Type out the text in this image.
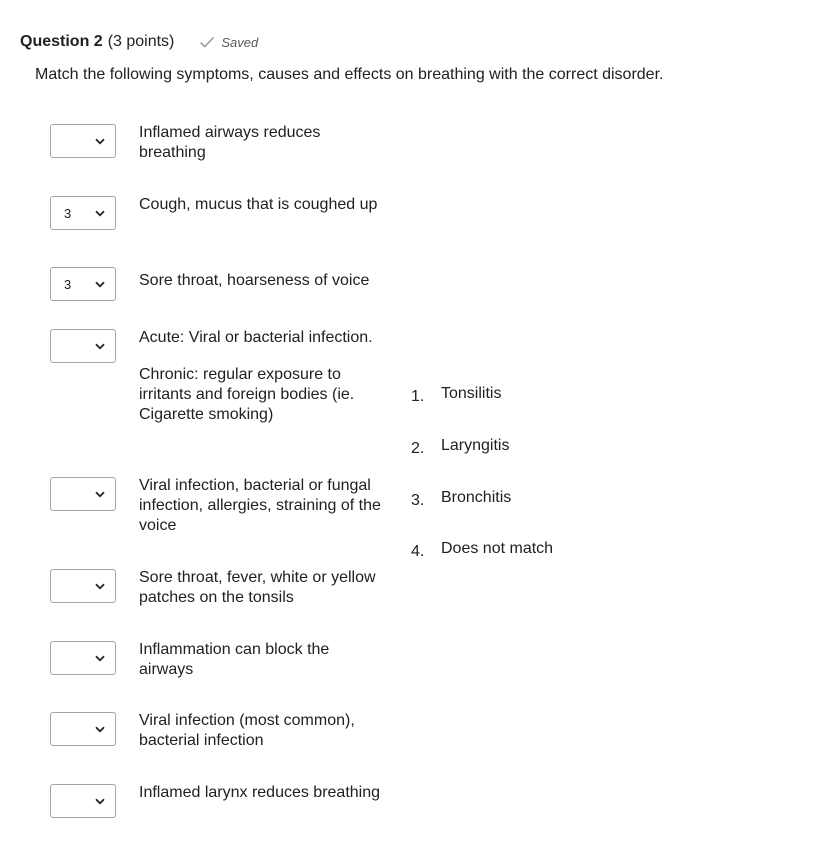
Question 2 (3 points)	Saved
Match the following symptoms, causes and effects on breathing with the correct disorder.
Inflamed airways reduces breathing
3	Cough, mucus that is coughed up
3	Sore throat, hoarseness of voice
Acute: Viral or bacterial infection.
Chronic: regular exposure to irritants and foreign bodies (ie. Cigarette smoking)
Viral infection, bacterial or fungal infection, allergies, straining of the voice
Sore throat, fever, white or yellow patches on the tonsils
Inflammation can block the airways
Viral infection (most common), bacterial infection
Inflamed larynx reduces breathing
1.	Tonsilitis
2.	Laryngitis
3.	Bronchitis
4.	Does not match
